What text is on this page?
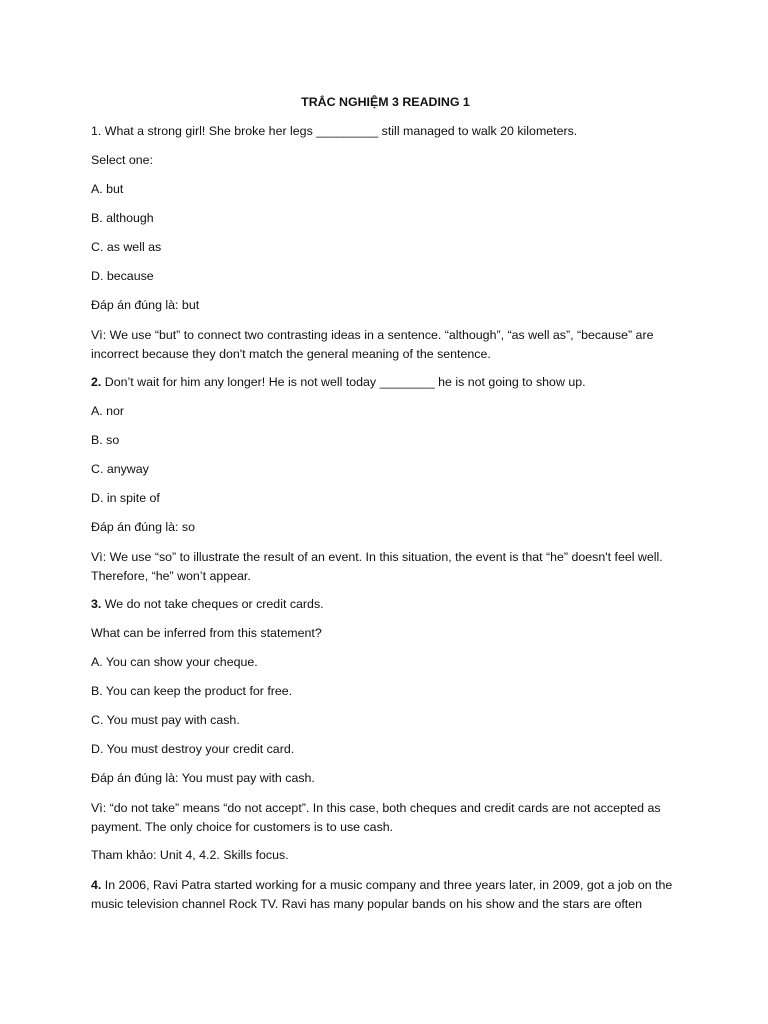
TRẮC NGHIỆM 3 READING 1
1. What a strong girl! She broke her legs _________ still managed to walk 20 kilometers.
Select one:
A. but
B. although
C. as well as
D. because
Đáp án đúng là: but
Vì: We use “but” to connect two contrasting ideas in a sentence. “although”, “as well as”, “because” are incorrect because they don't match the general meaning of the sentence.
2. Don’t wait for him any longer! He is not well today ________ he is not going to show up.
A. nor
B. so
C. anyway
D. in spite of
Đáp án đúng là: so
Vì: We use “so” to illustrate the result of an event. In this situation, the event is that “he” doesn't feel well. Therefore, “he” won’t appear.
3. We do not take cheques or credit cards.
What can be inferred from this statement?
A. You can show your cheque.
B. You can keep the product for free.
C. You must pay with cash.
D. You must destroy your credit card.
Đáp án đúng là: You must pay with cash.
Vì: “do not take” means “do not accept”. In this case, both cheques and credit cards are not accepted as payment. The only choice for customers is to use cash.
Tham khảo: Unit 4, 4.2. Skills focus.
4. In 2006, Ravi Patra started working for a music company and three years later, in 2009, got a job on the music television channel Rock TV. Ravi has many popular bands on his show and the stars are often
